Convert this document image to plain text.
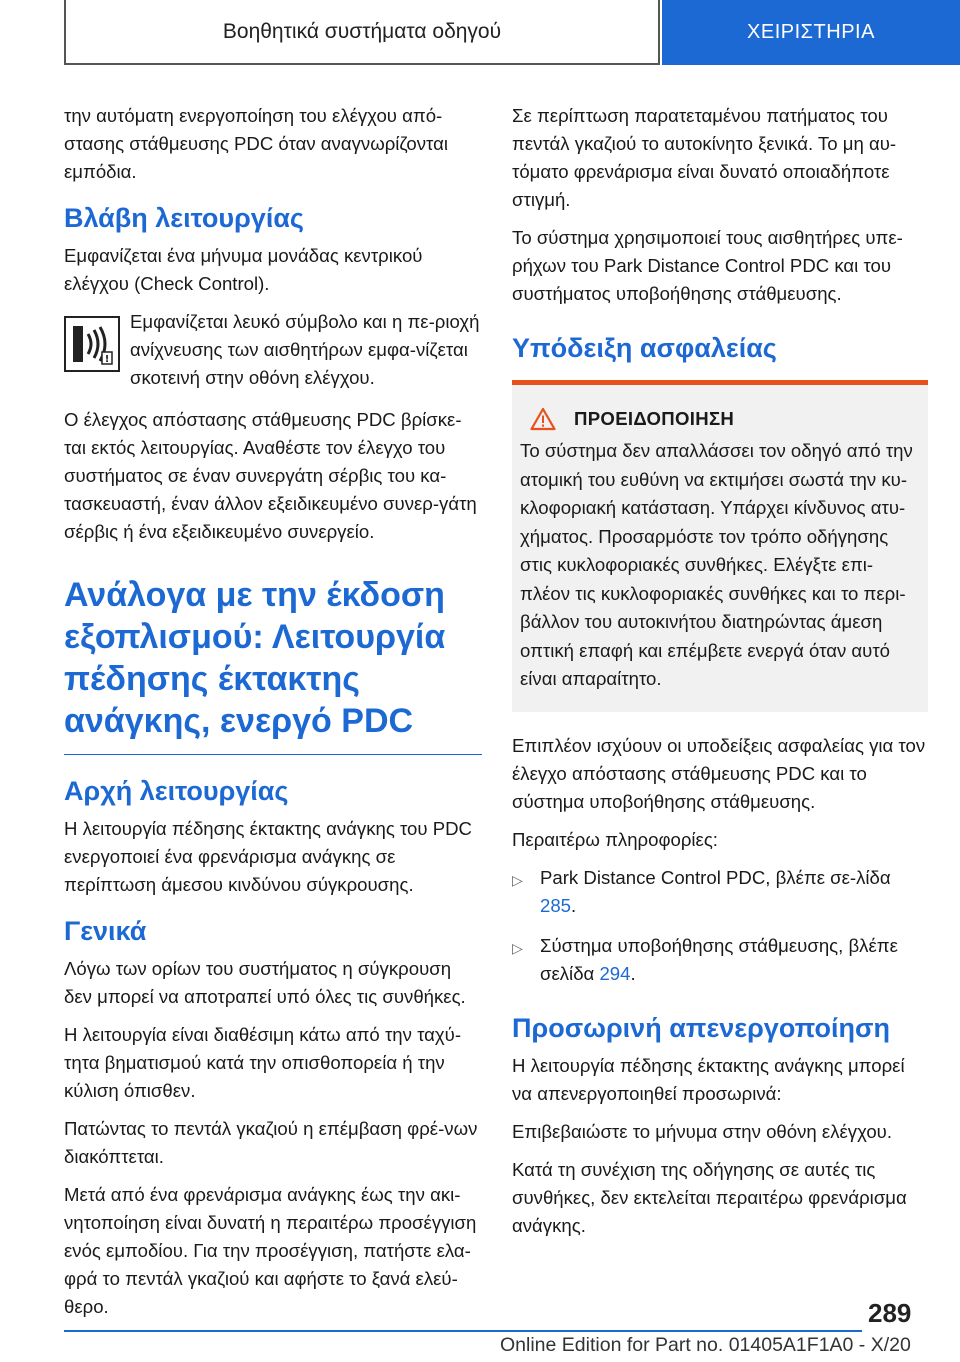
Βοηθητικά συστήματα οδηγού	ΧΕΙΡΙΣΤΗΡΙΑ

την αυτόματη ενεργοποίηση του ελέγχου από-στασης στάθμευσης PDC όταν αναγνωρίζονται εμπόδια.

Βλάβη λειτουργίας

Εμφανίζεται ένα μήνυμα μονάδας κεντρικού ελέγχου (Check Control).

!
Εμφανίζεται λευκό σύμβολο και η πε-ριοχή ανίχνευσης των αισθητήρων εμφα-νίζεται σκοτεινή στην οθόνη ελέγχου.

Ο έλεγχος απόστασης στάθμευσης PDC βρίσκε-ται εκτός λειτουργίας. Αναθέστε τον έλεγχο του συστήματος σε έναν συνεργάτη σέρβις του κα-τασκευαστή, έναν άλλον εξειδικευμένο συνερ-γάτη σέρβις ή ένα εξειδικευμένο συνεργείο.

Ανάλογα με την έκδοση εξοπλισμού: Λειτουργία πέδησης έκτακτης ανάγκης, ενεργό PDC
Αρχή λειτουργίας

Η λειτουργία πέδησης έκτακτης ανάγκης του PDC ενεργοποιεί ένα φρενάρισμα ανάγκης σε περίπτωση άμεσου κινδύνου σύγκρουσης.

Γενικά

Λόγω των ορίων του συστήματος η σύγκρουση δεν μπορεί να αποτραπεί υπό όλες τις συνθήκες.

Η λειτουργία είναι διαθέσιμη κάτω από την ταχύ-τητα βηματισμού κατά την οπισθοπορεία ή την κύλιση όπισθεν.

Πατώντας το πεντάλ γκαζιού η επέμβαση φρέ-νων διακόπτεται.

Μετά από ένα φρενάρισμα ανάγκης έως την ακι-νητοποίηση είναι δυνατή η περαιτέρω προσέγγιση ενός εμποδίου. Για την προσέγγιση, πατήστε ελα-φρά το πεντάλ γκαζιού και αφήστε το ξανά ελεύ-θερο.

Σε περίπτωση παρατεταμένου πατήματος του πεντάλ γκαζιού το αυτοκίνητο ξενικά. Το μη αυ-τόματο φρενάρισμα είναι δυνατό οποιαδήποτε στιγμή.

Το σύστημα χρησιμοποιεί τους αισθητήρες υπε-ρήχων του Park Distance Control PDC και του συστήματος υποβοήθησης στάθμευσης.

Υπόδειξη ασφαλείας
ΠΡΟΕΙΔΟΠΟΙΗΣΗ
Το σύστημα δεν απαλλάσσει τον οδηγό από την ατομική του ευθύνη να εκτιμήσει σωστά την κυ-κλοφοριακή κατάσταση. Υπάρχει κίνδυνος ατυ-χήματος. Προσαρμόστε τον τρόπο οδήγησης στις κυκλοφοριακές συνθήκες. Ελέγξτε επι-πλέον τις κυκλοφοριακές συνθήκες και το περι-βάλλον του αυτοκινήτου διατηρώντας άμεση οπτική επαφή και επέμβετε ενεργά όταν αυτό είναι απαραίτητο.

Επιπλέον ισχύουν οι υποδείξεις ασφαλείας για τον έλεγχο απόστασης στάθμευσης PDC και το σύστημα υποβοήθησης στάθμευσης.

Περαιτέρω πληροφορίες:

▷ Park Distance Control PDC, βλέπε σε-λίδα 285.
▷ Σύστημα υποβοήθησης στάθμευσης, βλέπε σελίδα 294.
Προσωρινή απενεργοποίηση

Η λειτουργία πέδησης έκτακτης ανάγκης μπορεί να απενεργοποιηθεί προσωρινά:

Επιβεβαιώστε το μήνυμα στην οθόνη ελέγχου.

Κατά τη συνέχιση της οδήγησης σε αυτές τις συνθήκες, δεν εκτελείται περαιτέρω φρενάρισμα ανάγκης.

289
Online Edition for Part no. 01405A1F1A0 - X/20
